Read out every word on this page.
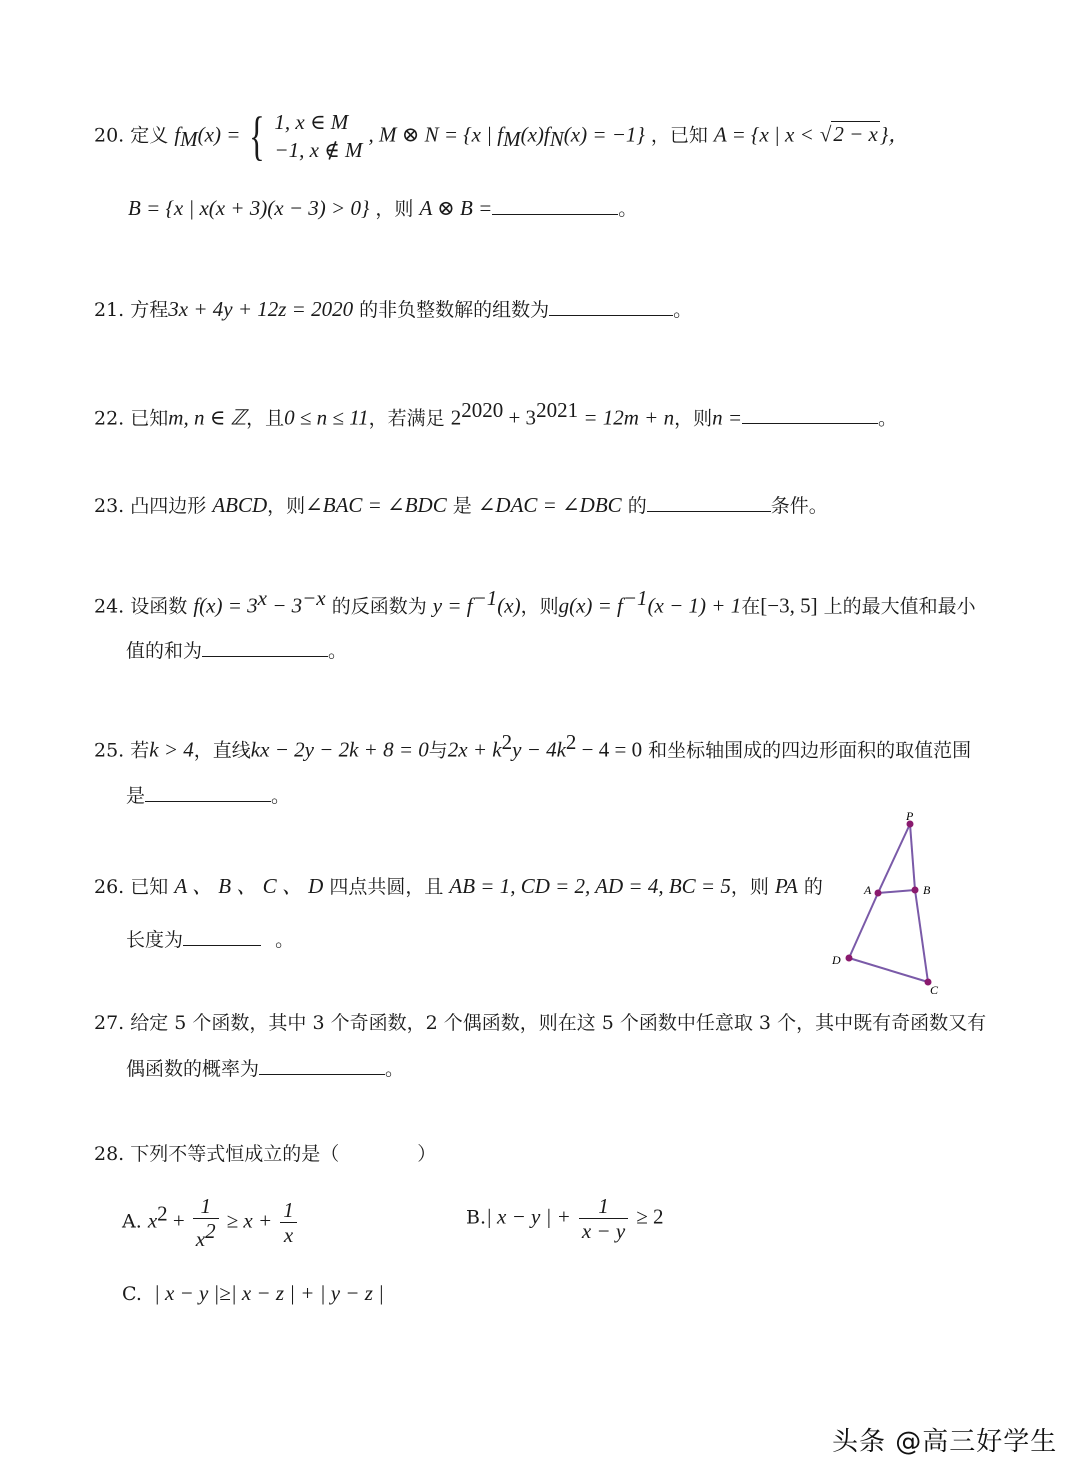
20. 定义 $f_M(x)$ = { 1, x ∈ M
−1, x ∉ M
, M ⊗ N = {x | $f_M(x)f_N(x) = -1$} ，已知 A = {x | x < √2 − x}，
B = {x | x(x + 3)(x − 3) > 0} ，则 A ⊗ B =	。
21. 方程3x + 4y + 12z = 2020 的非负整数解的组数为	。
22. 已知m, n ∈ ℤ，且0 ≤ n ≤ 11，若满足 $2^{2020} + 3^{2021} = 12m + n$，则n =	。
23. 凸四边形 ABCD，则∠BAC = ∠BDC 是 ∠DAC = ∠DBC 的	条件。
24. 设函数 $f(x) = 3^x - 3^{-x}$ 的反函数为 $y = f^{-1}(x)$，则$g(x) = f^{-1}(x - 1) + 1$在[−3, 5] 上的最大值和最小
值的和为	。
25. 若k > 4，直线kx − 2y − 2k + 8 = 0与$2x + k^2y - 4k^2 - 4 = 0$ 和坐标轴围成的四边形面积的取值范围
是	。
26. 已知 A 、 B 、 C 、 D 四点共圆，且 AB = 1, CD = 2, AD = 4, BC = 5，则 PA 的
长度为	。
P
A	B
D
C
27. 给定 5 个函数，其中 3 个奇函数，2 个偶函数，则在这 5 个函数中任意取 3 个，其中既有奇函数又有
偶函数的概率为	。
28. 下列不等式恒成立的是（	）
A. $x^2 + \frac{1}{x^2} \ge x + \frac{1}{x}$	B.| x − y | + $\frac{1}{x - y} \ge 2$
C. | x − y |≥| x − z | + | y − z |
头条 @高三好学生
